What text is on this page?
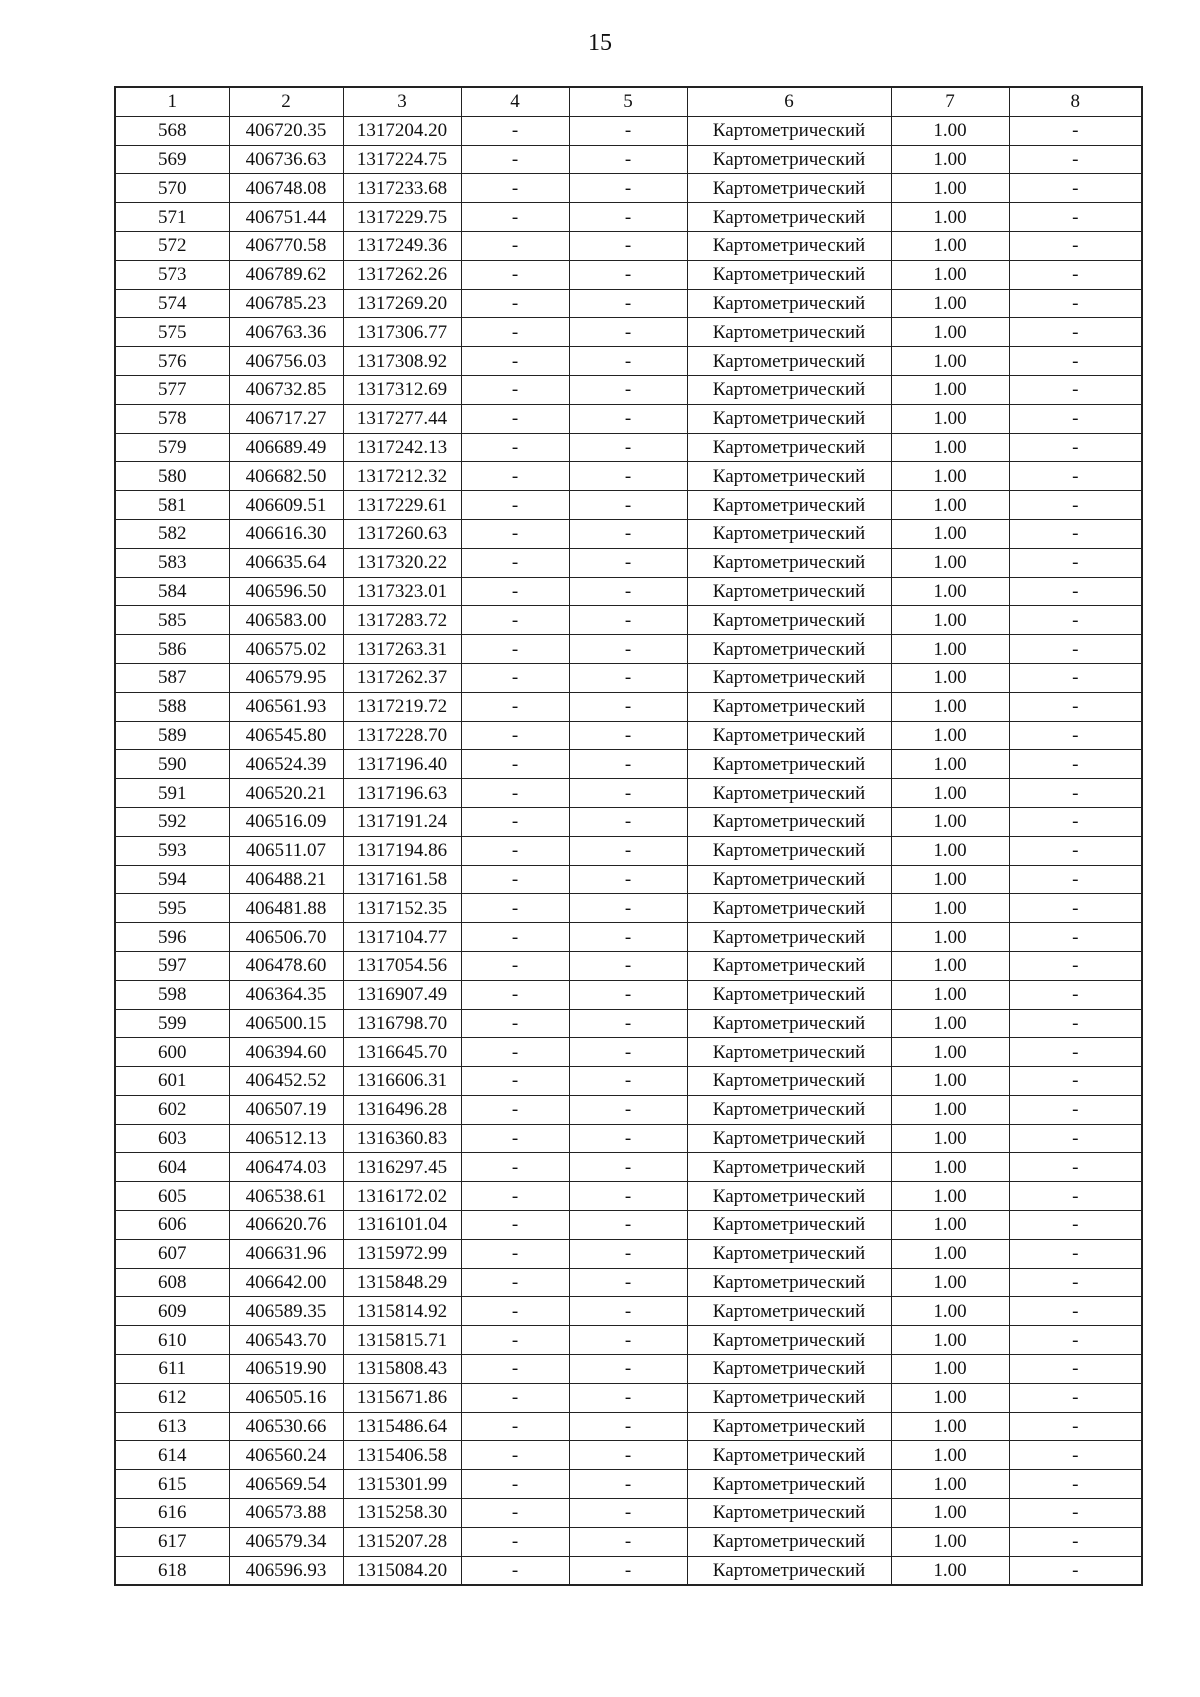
15
1	2	3	4	5	6	7	8
568	406720.35	1317204.20	-	-	Картометрический	1.00	-
569	406736.63	1317224.75	-	-	Картометрический	1.00	-
570	406748.08	1317233.68	-	-	Картометрический	1.00	-
571	406751.44	1317229.75	-	-	Картометрический	1.00	-
572	406770.58	1317249.36	-	-	Картометрический	1.00	-
573	406789.62	1317262.26	-	-	Картометрический	1.00	-
574	406785.23	1317269.20	-	-	Картометрический	1.00	-
575	406763.36	1317306.77	-	-	Картометрический	1.00	-
576	406756.03	1317308.92	-	-	Картометрический	1.00	-
577	406732.85	1317312.69	-	-	Картометрический	1.00	-
578	406717.27	1317277.44	-	-	Картометрический	1.00	-
579	406689.49	1317242.13	-	-	Картометрический	1.00	-
580	406682.50	1317212.32	-	-	Картометрический	1.00	-
581	406609.51	1317229.61	-	-	Картометрический	1.00	-
582	406616.30	1317260.63	-	-	Картометрический	1.00	-
583	406635.64	1317320.22	-	-	Картометрический	1.00	-
584	406596.50	1317323.01	-	-	Картометрический	1.00	-
585	406583.00	1317283.72	-	-	Картометрический	1.00	-
586	406575.02	1317263.31	-	-	Картометрический	1.00	-
587	406579.95	1317262.37	-	-	Картометрический	1.00	-
588	406561.93	1317219.72	-	-	Картометрический	1.00	-
589	406545.80	1317228.70	-	-	Картометрический	1.00	-
590	406524.39	1317196.40	-	-	Картометрический	1.00	-
591	406520.21	1317196.63	-	-	Картометрический	1.00	-
592	406516.09	1317191.24	-	-	Картометрический	1.00	-
593	406511.07	1317194.86	-	-	Картометрический	1.00	-
594	406488.21	1317161.58	-	-	Картометрический	1.00	-
595	406481.88	1317152.35	-	-	Картометрический	1.00	-
596	406506.70	1317104.77	-	-	Картометрический	1.00	-
597	406478.60	1317054.56	-	-	Картометрический	1.00	-
598	406364.35	1316907.49	-	-	Картометрический	1.00	-
599	406500.15	1316798.70	-	-	Картометрический	1.00	-
600	406394.60	1316645.70	-	-	Картометрический	1.00	-
601	406452.52	1316606.31	-	-	Картометрический	1.00	-
602	406507.19	1316496.28	-	-	Картометрический	1.00	-
603	406512.13	1316360.83	-	-	Картометрический	1.00	-
604	406474.03	1316297.45	-	-	Картометрический	1.00	-
605	406538.61	1316172.02	-	-	Картометрический	1.00	-
606	406620.76	1316101.04	-	-	Картометрический	1.00	-
607	406631.96	1315972.99	-	-	Картометрический	1.00	-
608	406642.00	1315848.29	-	-	Картометрический	1.00	-
609	406589.35	1315814.92	-	-	Картометрический	1.00	-
610	406543.70	1315815.71	-	-	Картометрический	1.00	-
611	406519.90	1315808.43	-	-	Картометрический	1.00	-
612	406505.16	1315671.86	-	-	Картометрический	1.00	-
613	406530.66	1315486.64	-	-	Картометрический	1.00	-
614	406560.24	1315406.58	-	-	Картометрический	1.00	-
615	406569.54	1315301.99	-	-	Картометрический	1.00	-
616	406573.88	1315258.30	-	-	Картометрический	1.00	-
617	406579.34	1315207.28	-	-	Картометрический	1.00	-
618	406596.93	1315084.20	-	-	Картометрический	1.00	-
